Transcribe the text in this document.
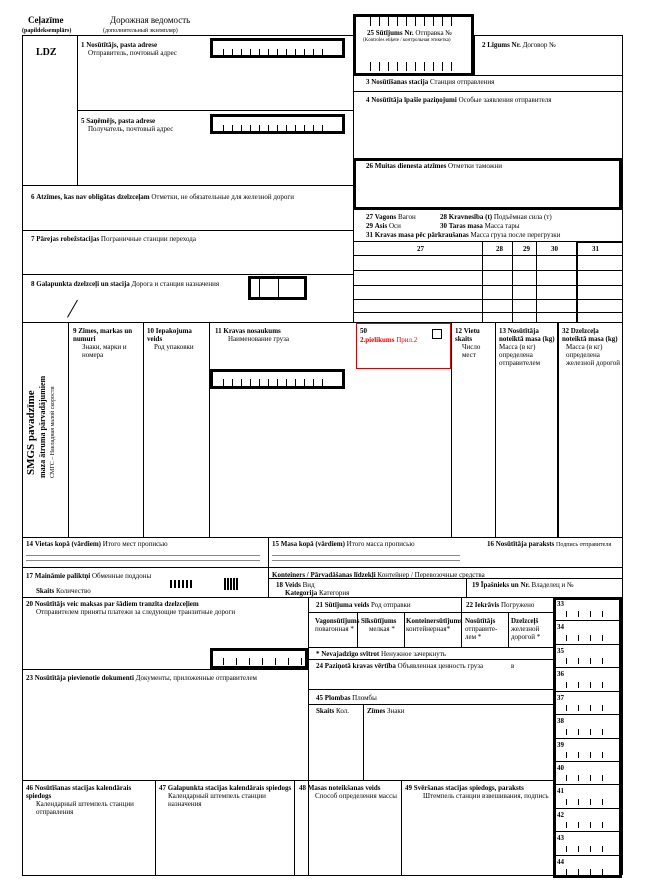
Ceļazīme
(papildeksemplārs)
Дорожная ведомость
(дополнительный экземпляр)
LDZ
1 Nosūtītājs, pasta adrese
Отправитель, почтовый адрес
25 Sūtījums Nr. Отправка №
(Kontroles etiķete / контрольная этикетка)
2 Līgums Nr. Договор №
3 Nosūtīšanas stacija Станция отправления
4 Nosūtītāja īpašie paziņojumi Особые заявления отправителя
5 Saņēmējs, pasta adrese
Получатель, почтовый адрес
26 Muitas dienesta atzīmes Отметки таможни
6 Atzīmes, kas nav obligātas dzelzceļam Отметки, не обязательные для железной дороги
27 Vagons Вагон	28 Kravnesība (t) Подъёмная сила (т)
29 Asis Оси	30 Taras masa Масса тары
31 Kravas masa pēc pārkraušanas Масса груза после перегрузки
7 Pārejas robežstacijas Пограничные станции перехода
27	28	29	30	31
8 Galapunkta dzelzceļi un stacija Дорога и станция назначения
SMGS pavadzīme maza ātruma pārvadājumiem СМГС – Накладная малой скорости
9 Zīmes, markas un numuri
Знаки, марки и номера
10 Iepakojuma veids
Род упаковки
11 Kravas nosaukums
Наименование груза
50
2.pielikums Прил.2
12 Vietu skaits
Число мест
13 Nosūtītāja noteiktā masa (kg)
Масса (в кг) определена отправителем
32 Dzelzceļa noteiktā masa (kg)
Масса (в кг) определена железной дорогой
14 Vietas kopā (vārdiem) Итого мест прописью	15 Masa kopā (vārdiem) Итого масса прописью	16 Nosūtītāja paraksts Подпись отправителя
17 Maināmie paliktņi Обменные поддоны
Skaits Количество
Konteiners / Pārvadāšanas līdzekļi Контейнер / Перевозочные средства
18 Veids Вид
Kategorija Категория
19 Īpašnieks un Nr. Владелец и №
20 Nosūtītājs veic maksas par šādiem tranzīta dzelzceļiem
Отправителем приняты платежи за следующие транзитные дороги
21 Sūtījuma veids Род отправки	22 Iekrāvis Погружено
Vagonsūtījums
повагонная *
Sīksūtījums
мелкая *
Konteinersūtījums
контейнерная*
Nosūtītājs
отправите-лем *
Dzelzceļš
железной дорогой *
* Nevajadzīgo svītrot Ненужное зачеркнуть
24 Paziņotā kravas vērtība Объявленная ценность груза	в
23 Nosūtītāja pievienotie dokumenti Документы, приложенные отправителем
45 Plombas Пломбы
Skaits Кол.	Zīmes Знаки
46 Nosūtīšanas stacijas kalendārais spiedogs
Календарный штемпель станции отправления
47 Galapunkta stacijas kalendārais spiedogs
Календарный штемпель станции назначения
48 Masas noteikšanas veids
Способ определения массы
49 Svēršanas stacijas spiedogs, paraksts
Штемпель станции взвешивания, подпись
33
34
35
36
37
38
39
40
41
42
43
44
